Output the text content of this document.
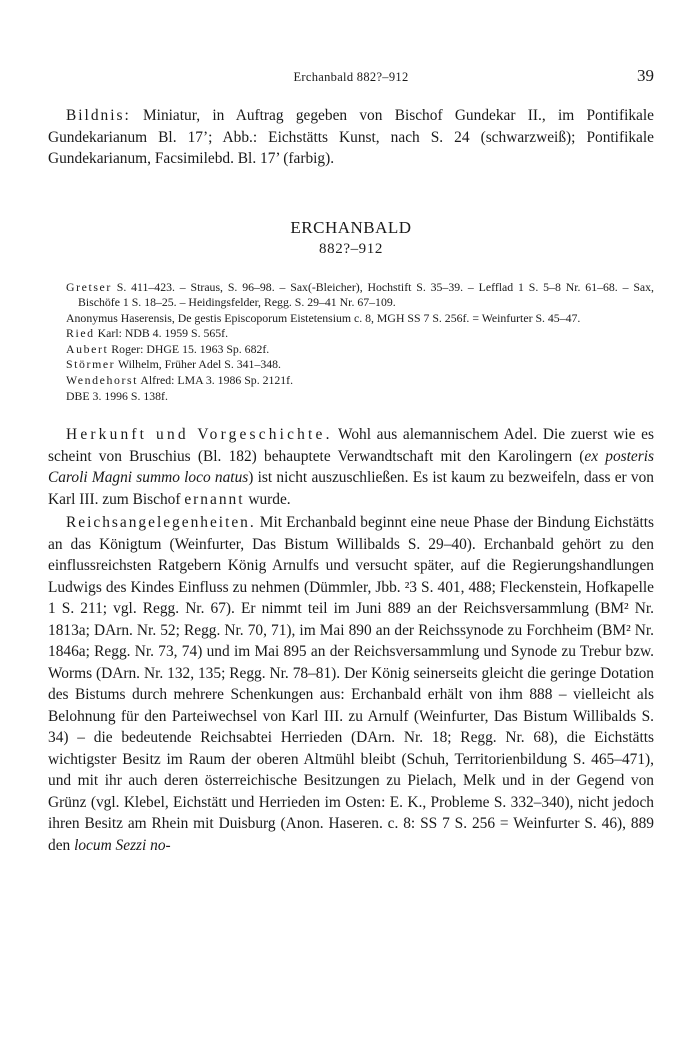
Erchanbald 882?–912	39

Bildnis: Miniatur, in Auftrag gegeben von Bischof Gundekar II., im Pontifikale Gundekarianum Bl. 17’; Abb.: Eichstätts Kunst, nach S. 24 (schwarzweiß); Pontifikale Gundekarianum, Facsimilebd. Bl. 17’ (farbig).

ERCHANBALD
882?–912
Gretser S. 411–423. – Straus, S. 96–98. – Sax(-Bleicher), Hochstift S. 35–39. – Lefflad 1 S. 5–8 Nr. 61–68. – Sax, Bischöfe 1 S. 18–25. – Heidingsfelder, Regg. S. 29–41 Nr. 67–109.
Anonymus Haserensis, De gestis Episcoporum Eistetensium c. 8, MGH SS 7 S. 256f. = Weinfurter S. 45–47.
Ried Karl: NDB 4. 1959 S. 565f.
Aubert Roger: DHGE 15. 1963 Sp. 682f.
Störmer Wilhelm, Früher Adel S. 341–348.
Wendehorst Alfred: LMA 3. 1986 Sp. 2121f.
DBE 3. 1996 S. 138f.

Herkunft und Vorgeschichte. Wohl aus alemannischem Adel. Die zuerst wie es scheint von Bruschius (Bl. 182) behauptete Verwandtschaft mit den Karolingern (ex posteris Caroli Magni summo loco natus) ist nicht auszuschließen. Es ist kaum zu bezweifeln, dass er von Karl III. zum Bischof ernannt wurde.

Reichsangelegenheiten. Mit Erchanbald beginnt eine neue Phase der Bindung Eichstätts an das Königtum (Weinfurter, Das Bistum Willibalds S. 29–40). Erchanbald gehört zu den einflussreichsten Ratgebern König Arnulfs und versucht später, auf die Regierungshandlungen Ludwigs des Kindes Einfluss zu nehmen (Dümmler, Jbb. ²3 S. 401, 488; Fleckenstein, Hofkapelle 1 S. 211; vgl. Regg. Nr. 67). Er nimmt teil im Juni 889 an der Reichsversammlung (BM² Nr. 1813a; DArn. Nr. 52; Regg. Nr. 70, 71), im Mai 890 an der Reichssynode zu Forchheim (BM² Nr. 1846a; Regg. Nr. 73, 74) und im Mai 895 an der Reichsversammlung und Synode zu Trebur bzw. Worms (DArn. Nr. 132, 135; Regg. Nr. 78–81). Der König seinerseits gleicht die geringe Dotation des Bistums durch mehrere Schenkungen aus: Erchanbald erhält von ihm 888 – vielleicht als Belohnung für den Parteiwechsel von Karl III. zu Arnulf (Weinfurter, Das Bistum Willibalds S. 34) – die bedeutende Reichsabtei Herrieden (DArn. Nr. 18; Regg. Nr. 68), die Eichstätts wichtigster Besitz im Raum der oberen Altmühl bleibt (Schuh, Territorienbildung S. 465–471), und mit ihr auch deren österreichische Besitzungen zu Pielach, Melk und in der Gegend von Grünz (vgl. Klebel, Eichstätt und Herrieden im Osten: E. K., Probleme S. 332–340), nicht jedoch ihren Besitz am Rhein mit Duisburg (Anon. Haseren. c. 8: SS 7 S. 256 = Weinfurter S. 46), 889 den locum Sezzi no-
